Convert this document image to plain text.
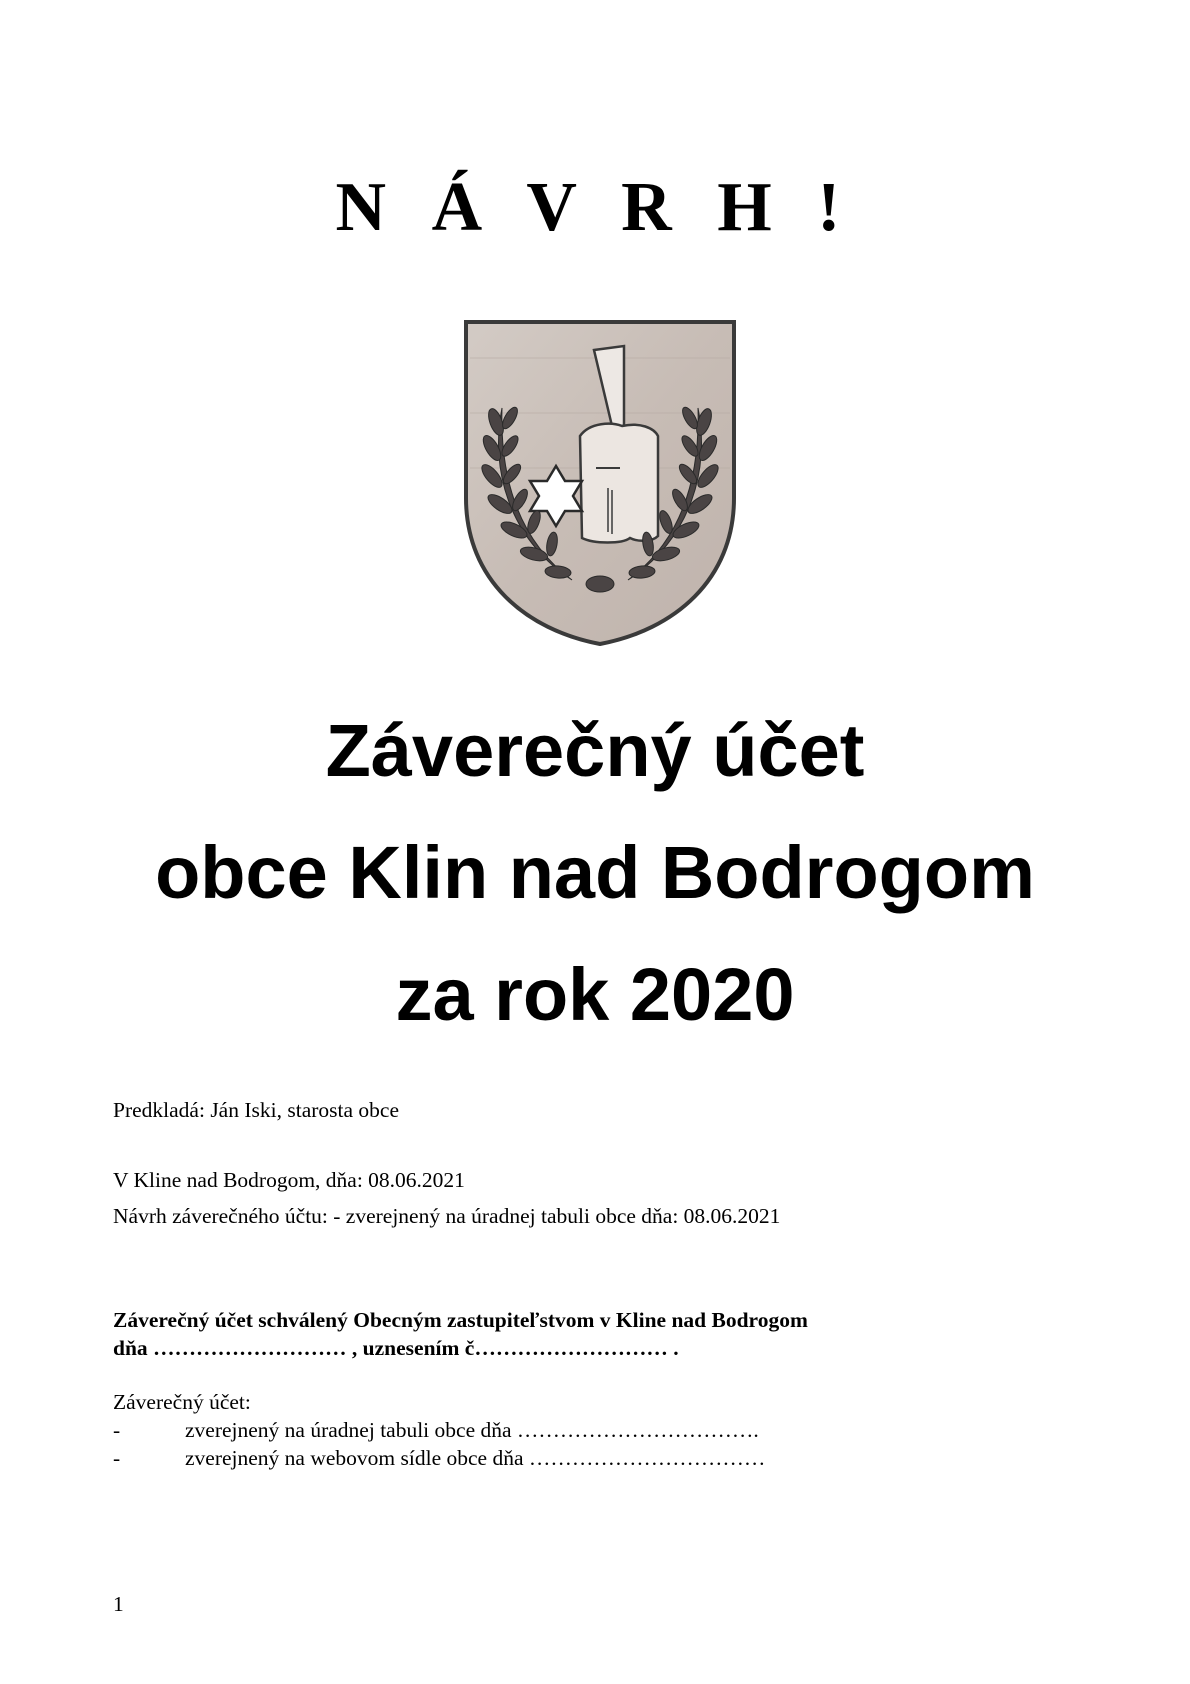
N Á V R H !
Záverečný účet
obce Klin nad Bodrogom
za rok 2020
Predkladá: Ján Iski, starosta obce
V Kline nad Bodrogom, dňa: 08.06.2021
Návrh záverečného účtu: - zverejnený na úradnej tabuli obce dňa: 08.06.2021
Záverečný účet schválený Obecným zastupiteľstvom v Kline nad Bodrogom
dňa ……………………… , uznesením č……………………… .
Záverečný účet:
-	zverejnený na úradnej tabuli obce dňa …………………………….
-	zverejnený na webovom sídle obce dňa ……………………………
1
